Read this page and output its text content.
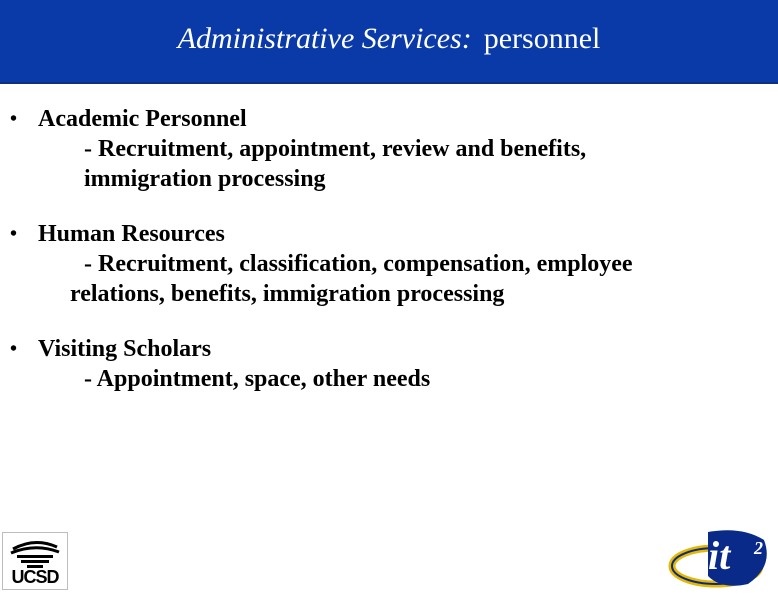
Administrative Services: personnel
• Academic Personnel
- Recruitment, appointment, review and benefits,
immigration processing
• Human Resources
- Recruitment, classification, compensation, employee
relations, benefits, immigration processing
• Visiting Scholars
- Appointment, space, other needs
UCSD	it 2
